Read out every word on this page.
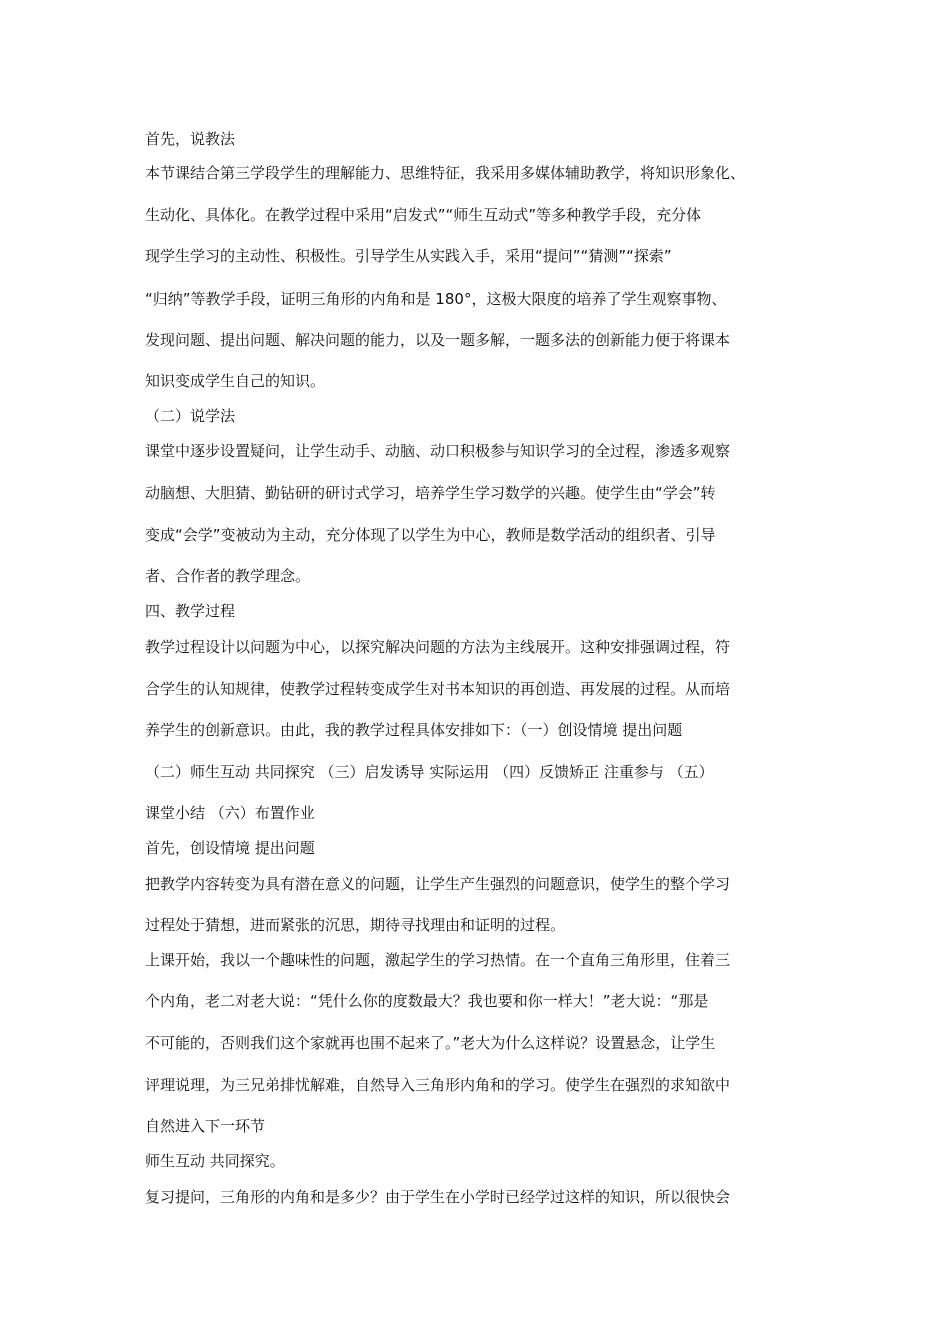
首先，说教法
本节课结合第三学段学生的理解能力、思维特征，我采用多媒体辅助教学，将知识形象化、
生动化、具体化。在教学过程中采用“启发式”“师生互动式”等多种教学手段，充分体
现学生学习的主动性、积极性。引导学生从实践入手，采用“提问”“猜测”“探索”
“归纳”等教学手段，证明三角形的内角和是 180°，这极大限度的培养了学生观察事物、
发现问题、提出问题、解决问题的能力，以及一题多解，一题多法的创新能力便于将课本
知识变成学生自己的知识。
（二）说学法
课堂中逐步设置疑问，让学生动手、动脑、动口积极参与知识学习的全过程，渗透多观察
动脑想、大胆猜、勤钻研的研讨式学习，培养学生学习数学的兴趣。使学生由“学会”转
变成“会学”变被动为主动，充分体现了以学生为中心，教师是数学活动的组织者、引导
者、合作者的教学理念。
四、教学过程
教学过程设计以问题为中心，以探究解决问题的方法为主线展开。这种安排强调过程，符
合学生的认知规律，使教学过程转变成学生对书本知识的再创造、再发展的过程。从而培
养学生的创新意识。由此，我的教学过程具体安排如下：（一）创设情境 提出问题
（二）师生互动 共同探究 （三）启发诱导 实际运用 （四）反馈矫正 注重参与 （五）
课堂小结 （六）布置作业
首先，创设情境 提出问题
把教学内容转变为具有潜在意义的问题，让学生产生强烈的问题意识，使学生的整个学习
过程处于猜想，进而紧张的沉思，期待寻找理由和证明的过程。
上课开始，我以一个趣味性的问题，激起学生的学习热情。在一个直角三角形里，住着三
个内角，老二对老大说：“凭什么你的度数最大？我也要和你一样大！”老大说：“那是
不可能的，否则我们这个家就再也围不起来了。”老大为什么这样说？设置悬念，让学生
评理说理，为三兄弟排忧解难，自然导入三角形内角和的学习。使学生在强烈的求知欲中
自然进入下一环节
师生互动 共同探究。
复习提问，三角形的内角和是多少？由于学生在小学时已经学过这样的知识，所以很快会
